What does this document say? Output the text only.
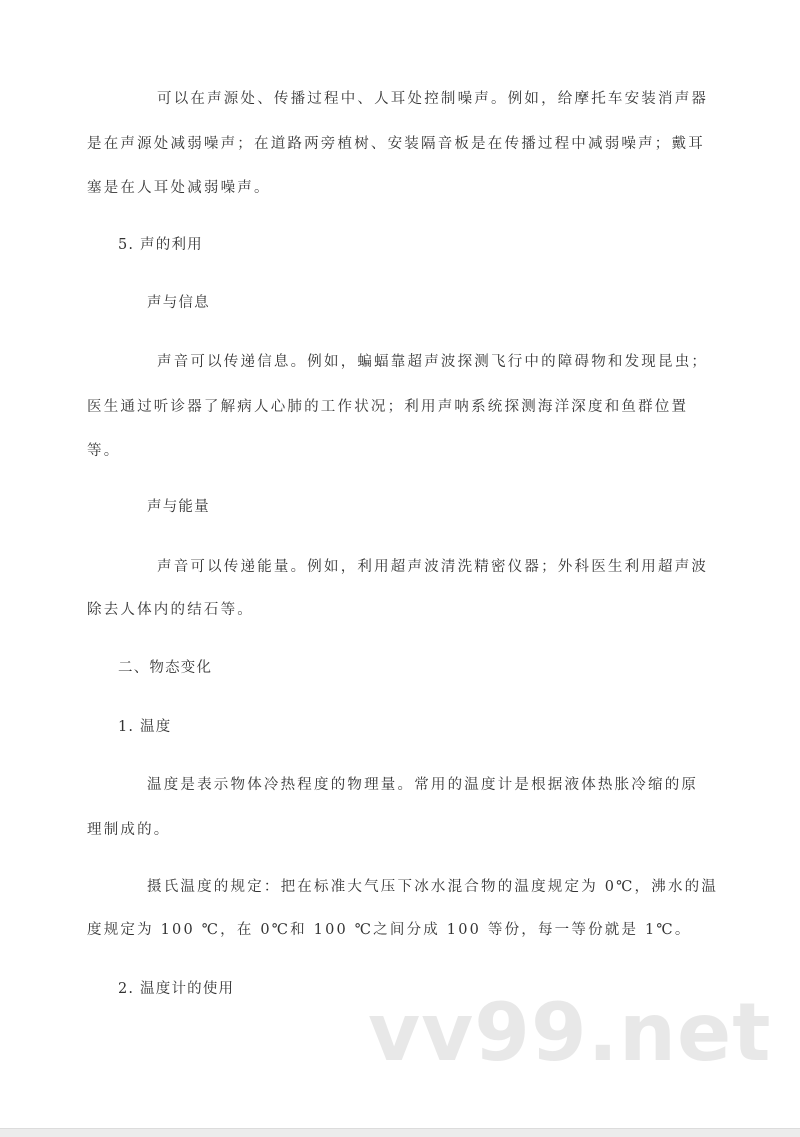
可以在声源处、传播过程中、人耳处控制噪声。例如，给摩托车安装消声器
是在声源处减弱噪声；在道路两旁植树、安装隔音板是在传播过程中减弱噪声；戴耳
塞是在人耳处减弱噪声。
5. 声的利用
声与信息
声音可以传递信息。例如，蝙蝠靠超声波探测飞行中的障碍物和发现昆虫；
医生通过听诊器了解病人心肺的工作状况；利用声呐系统探测海洋深度和鱼群位置
等。
声与能量
声音可以传递能量。例如，利用超声波清洗精密仪器；外科医生利用超声波
除去人体内的结石等。
二、物态变化
1. 温度
温度是表示物体冷热程度的物理量。常用的温度计是根据液体热胀冷缩的原
理制成的。
摄氏温度的规定：把在标准大气压下冰水混合物的温度规定为 0℃，沸水的温
度规定为 100 ℃，在 0℃和 100 ℃之间分成 100 等份，每一等份就是 1℃。
2. 温度计的使用 vv99.net
